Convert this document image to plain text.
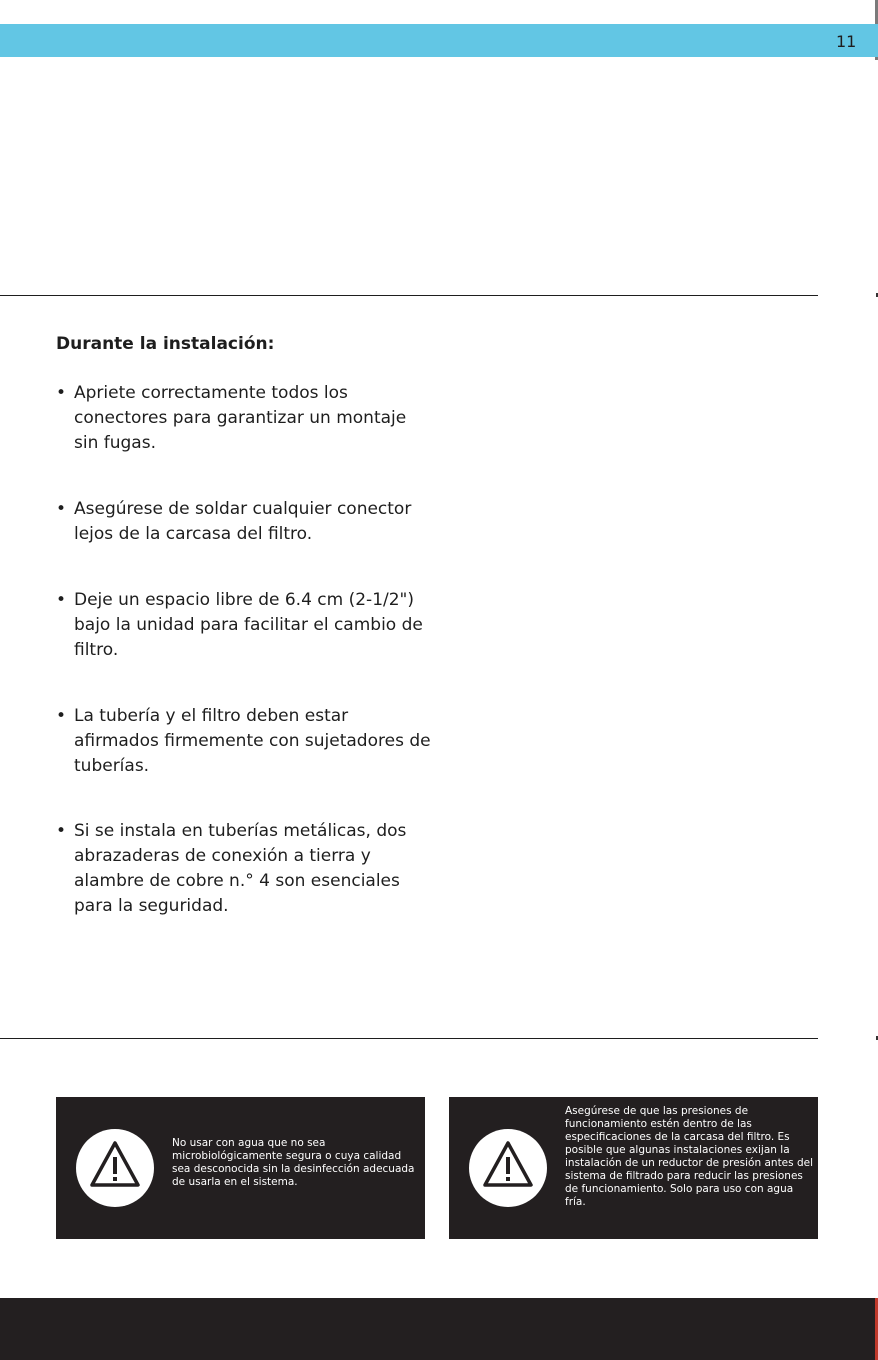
11
Durante la instalación:
• Apriete correctamente todos los conectores para garantizar un montaje sin fugas.
• Asegúrese de soldar cualquier conector lejos de la carcasa del filtro.
• Deje un espacio libre de 6.4 cm (2-1/2") bajo la unidad para facilitar el cambio de filtro.
• La tubería y el filtro deben estar afirmados firmemente con sujetadores de tuberías.
• Si se instala en tuberías metálicas, dos abrazaderas de conexión a tierra y alambre de cobre n.° 4 son esenciales para la seguridad.
No usar con agua que no sea microbiológicamente segura o cuya calidad sea desconocida sin la desinfección adecuada de usarla en el sistema.
Asegúrese de que las presiones de funcionamiento estén dentro de las especificaciones de la carcasa del filtro. Es posible que algunas instalaciones exijan la instalación de un reductor de presión antes del sistema de filtrado para reducir las presiones de funcionamiento. Solo para uso con agua fría.
